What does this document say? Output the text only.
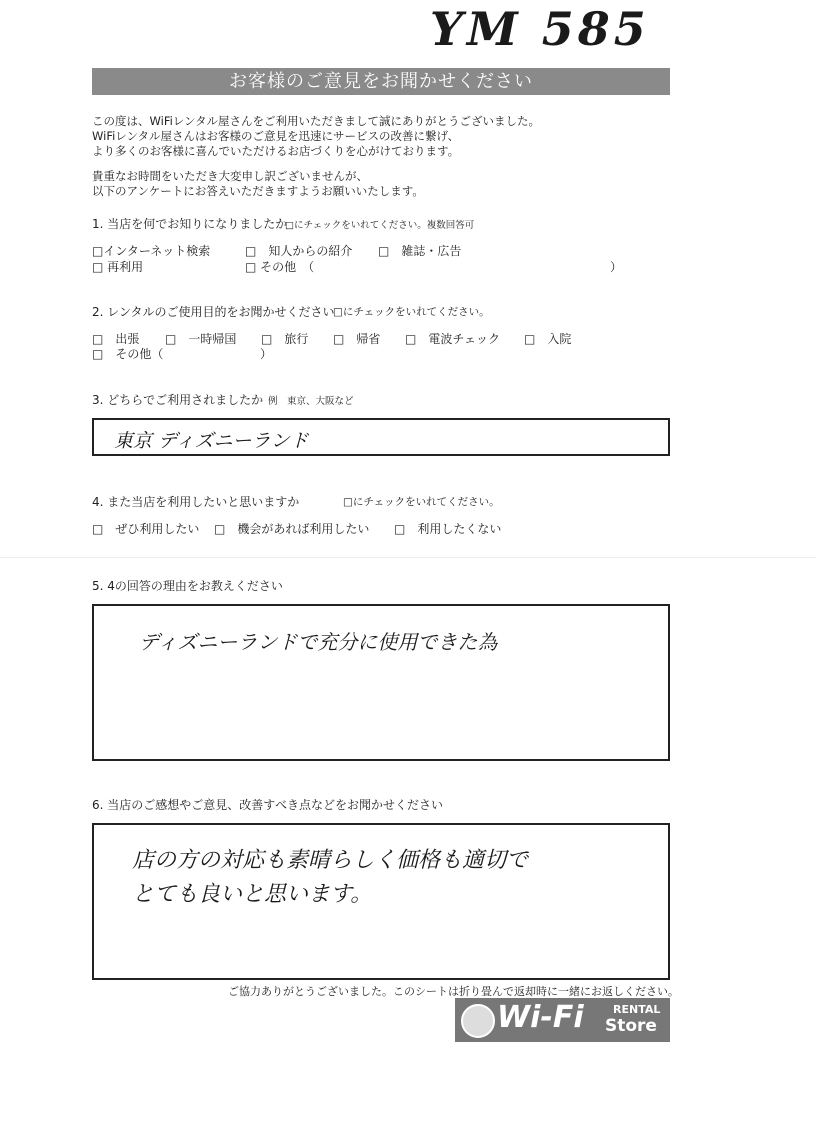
YM 585
お客様のご意見をお聞かせください
この度は、WiFiレンタル屋さんをご利用いただきまして誠にありがとうございました。
WiFiレンタル屋さんはお客様のご意見を迅速にサービスの改善に繋げ、
より多くのお客様に喜んでいただけるお店づくりを心がけております。
貴重なお時間をいただき大変申し訳ございませんが、
以下のアンケートにお答えいただきますようお願いいたします。
1. 当店を何でお知りになりましたか
□にチェックをいれてください。複数回答可
□インターネット検索	□　知人からの紹介 □　雑誌・広告
□ 再利用	□ その他　（	）
2. レンタルのご使用目的をお聞かせください
□にチェックをいれてください。
□　出張 □　一時帰国 □　旅行 □　帰省 □　電波チェック □　入院
□　その他（	）
3. どちらでご利用されましたか 例　東京、大阪など
東京 ディズニーランド
4. また当店を利用したいと思いますか	□にチェックをいれてください。
□　ぜひ利用したい □　機会があれば利用したい □　利用したくない
5. 4の回答の理由をお教えください
ディズニーランドで充分に使用できた為
6. 当店のご感想やご意見、改善すべき点などをお聞かせください
店の方の対応も素晴らしく価格も適切で
とても良いと思います。
ご協力ありがとうございました。このシートは折り畳んで返却時に一緒にお返しください。
Wi-Fi	RENTAL
Store
